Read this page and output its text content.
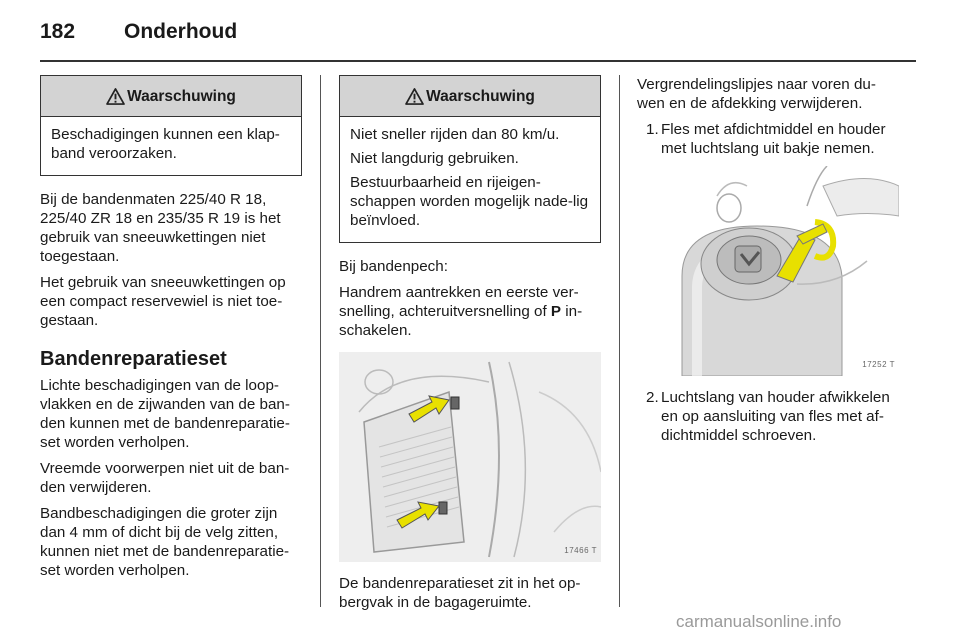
182 Onderhoud
Waarschuwing

Beschadigingen kunnen een klap-band veroorzaken.

Bij de bandenmaten 225/40 R 18, 225/40 ZR 18 en 235/35 R 19 is het gebruik van sneeuwkettingen niet toegestaan.

Het gebruik van sneeuwkettingen op een compact reservewiel is niet toe-gestaan.

Bandenreparatieset

Lichte beschadigingen van de loop-vlakken en de zijwanden van de ban-den kunnen met de bandenreparatie-set worden verholpen.

Vreemde voorwerpen niet uit de ban-den verwijderen.

Bandbeschadigingen die groter zijn dan 4 mm of dicht bij de velg zitten, kunnen niet met de bandenreparatie-set worden verholpen.

Waarschuwing

Niet sneller rijden dan 80 km/u.

Niet langdurig gebruiken.

Bestuurbaarheid en rijeigen-schappen worden mogelijk nade-lig beïnvloed.

Bij bandenpech:

Handrem aantrekken en eerste ver-snelling, achteruitversnelling of P in-schakelen.

17466 T

De bandenreparatieset zit in het op-bergvak in de bagageruimte.

Vergrendelingslipjes naar voren du-wen en de afdekking verwijderen.

1. Fles met afdichtmiddel en houder met luchtslang uit bakje nemen.
17252 T
2. Luchtslang van houder afwikkelen en op aansluiting van fles met af-dichtmiddel schroeven.
carmanualsonline.info
